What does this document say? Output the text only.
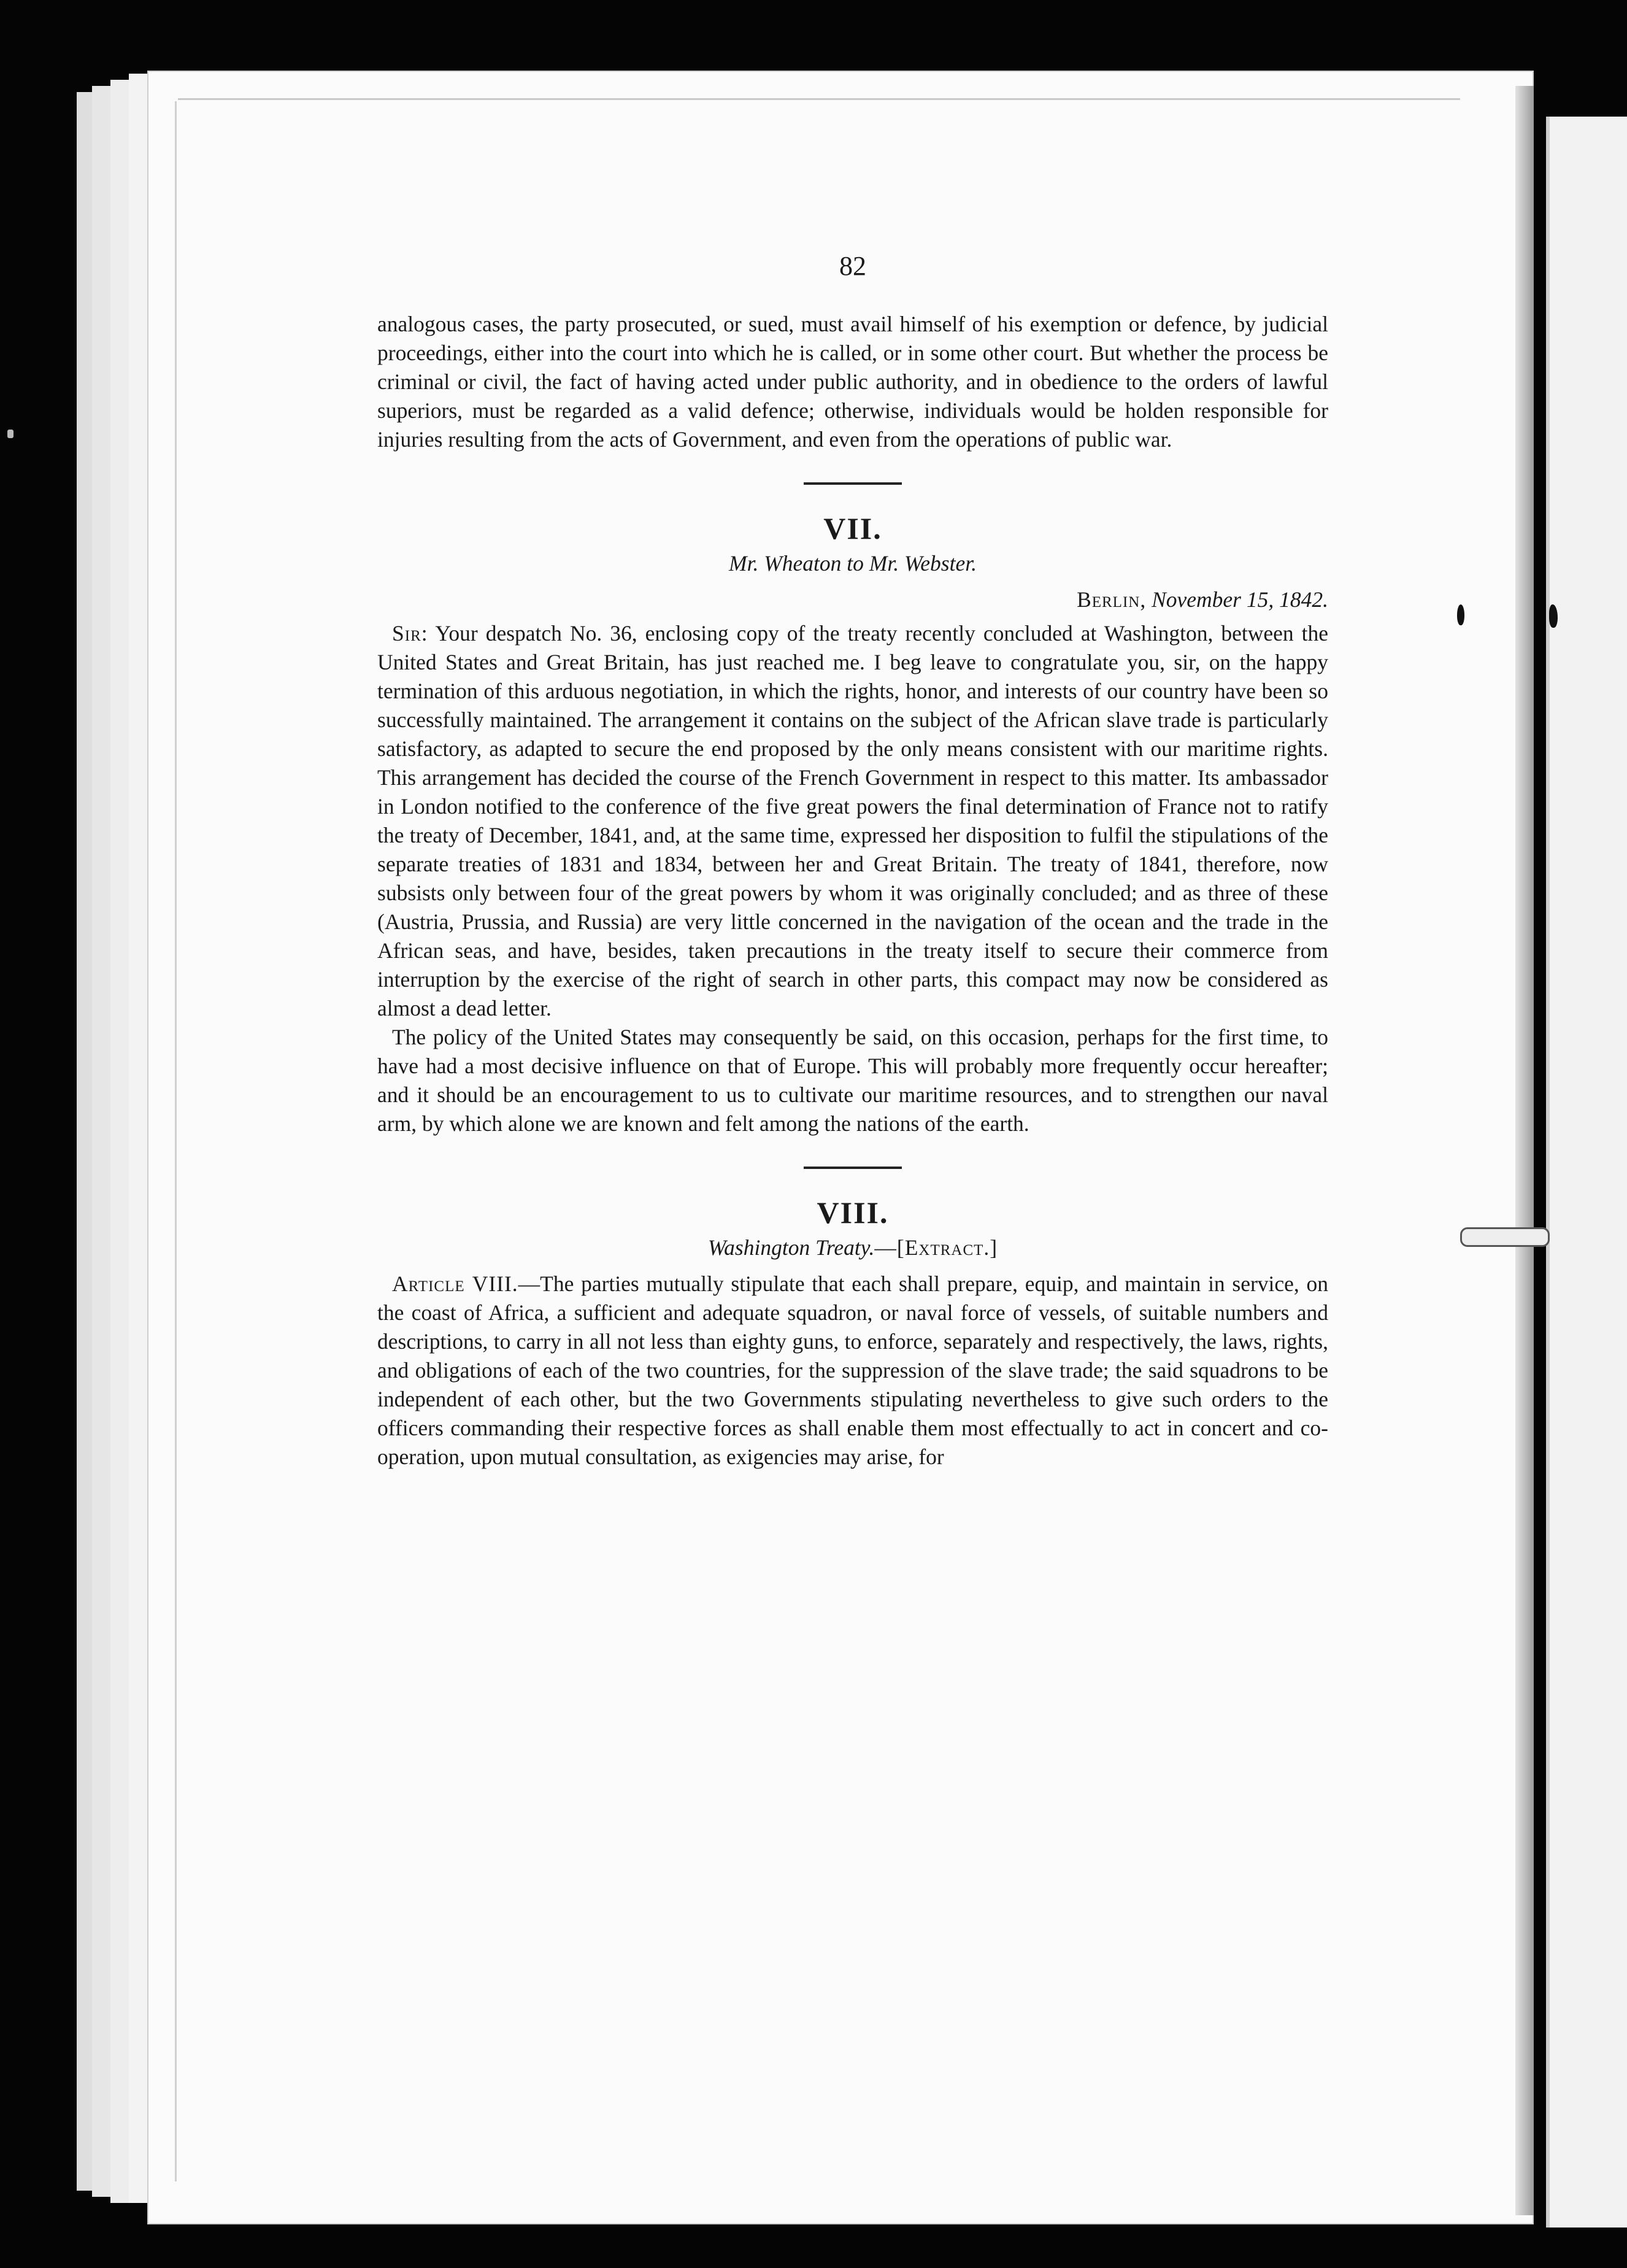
82

analogous cases, the party prosecuted, or sued, must avail himself of his exemption or defence, by judicial proceedings, either into the court into which he is called, or in some other court. But whether the process be criminal or civil, the fact of having acted under public authority, and in obedience to the orders of lawful superiors, must be regarded as a valid defence; otherwise, individuals would be holden responsible for injuries resulting from the acts of Government, and even from the operations of public war.

VII.
Mr. Wheaton to Mr. Webster.
Berlin, November 15, 1842.

Sir: Your despatch No. 36, enclosing copy of the treaty recently concluded at Washington, between the United States and Great Britain, has just reached me. I beg leave to congratulate you, sir, on the happy termination of this arduous negotiation, in which the rights, honor, and interests of our country have been so successfully maintained. The arrangement it contains on the subject of the African slave trade is particularly satisfactory, as adapted to secure the end proposed by the only means consistent with our maritime rights. This arrangement has decided the course of the French Government in respect to this matter. Its ambassador in London notified to the conference of the five great powers the final determination of France not to ratify the treaty of December, 1841, and, at the same time, expressed her disposition to fulfil the stipulations of the separate treaties of 1831 and 1834, between her and Great Britain. The treaty of 1841, therefore, now subsists only between four of the great powers by whom it was originally concluded; and as three of these (Austria, Prussia, and Russia) are very little concerned in the navigation of the ocean and the trade in the African seas, and have, besides, taken precautions in the treaty itself to secure their commerce from interruption by the exercise of the right of search in other parts, this compact may now be considered as almost a dead letter.

The policy of the United States may consequently be said, on this occasion, perhaps for the first time, to have had a most decisive influence on that of Europe. This will probably more frequently occur hereafter; and it should be an encouragement to us to cultivate our maritime resources, and to strengthen our naval arm, by which alone we are known and felt among the nations of the earth.

VIII.
Washington Treaty.—[Extract.]

Article VIII.—The parties mutually stipulate that each shall prepare, equip, and maintain in service, on the coast of Africa, a sufficient and adequate squadron, or naval force of vessels, of suitable numbers and descriptions, to carry in all not less than eighty guns, to enforce, separately and respectively, the laws, rights, and obligations of each of the two countries, for the suppression of the slave trade; the said squadrons to be independent of each other, but the two Governments stipulating nevertheless to give such orders to the officers commanding their respective forces as shall enable them most effectually to act in concert and co-operation, upon mutual consultation, as exigencies may arise, for
